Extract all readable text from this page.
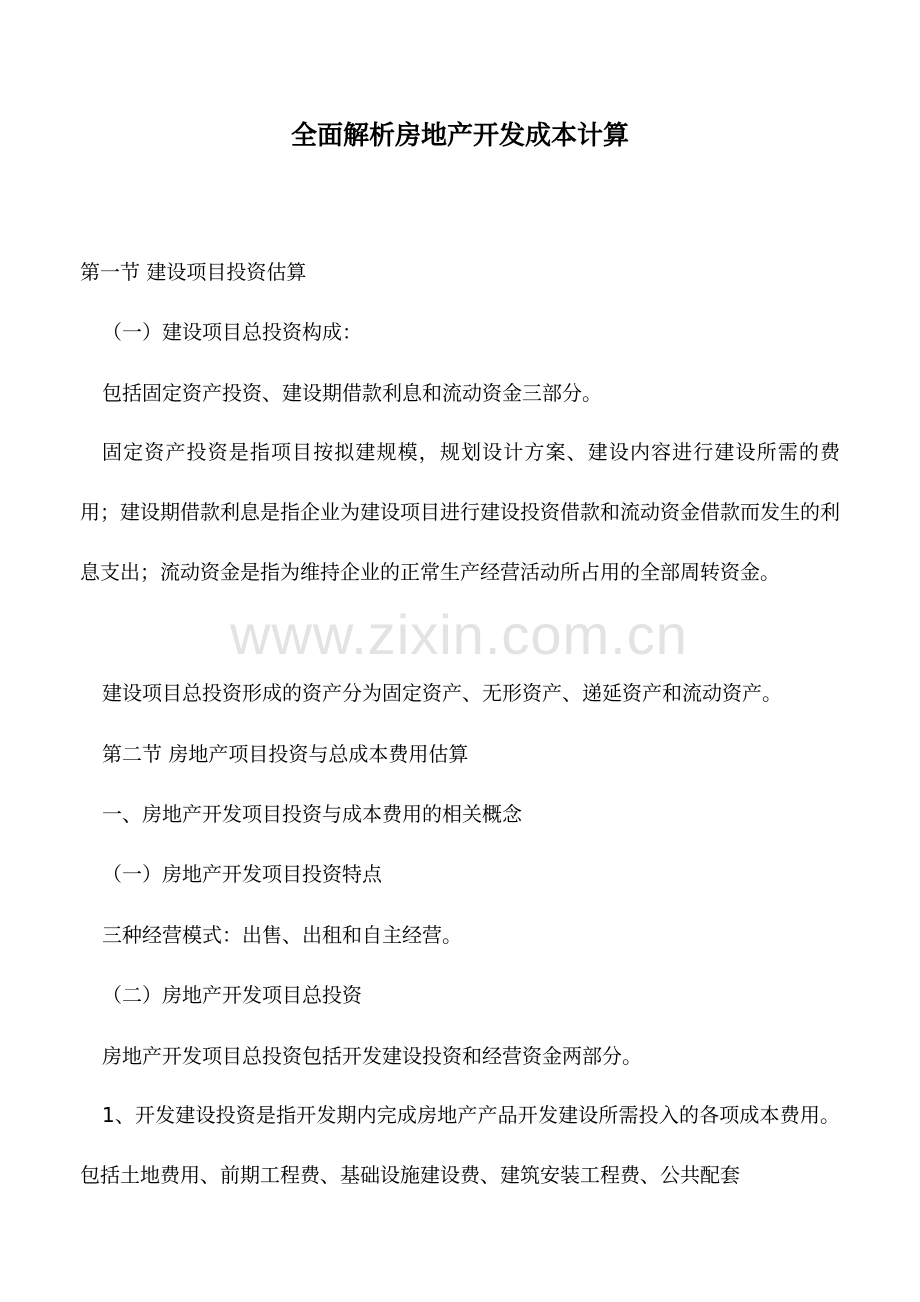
全面解析房地产开发成本计算
第一节 建设项目投资估算
（一）建设项目总投资构成：
包括固定资产投资、建设期借款利息和流动资金三部分。
固定资产投资是指项目按拟建规模，规划设计方案、建设内容进行建设所需的费用；建设期借款利息是指企业为建设项目进行建设投资借款和流动资金借款而发生的利息支出；流动资金是指为维持企业的正常生产经营活动所占用的全部周转资金。
建设项目总投资形成的资产分为固定资产、无形资产、递延资产和流动资产。
第二节 房地产项目投资与总成本费用估算
一、房地产开发项目投资与成本费用的相关概念
（一）房地产开发项目投资特点
三种经营模式：出售、出租和自主经营。
（二）房地产开发项目总投资
房地产开发项目总投资包括开发建设投资和经营资金两部分。
1、开发建设投资是指开发期内完成房地产产品开发建设所需投入的各项成本费用。包括土地费用、前期工程费、基础设施建设费、建筑安装工程费、公共配套
www.zixin.com.cn
